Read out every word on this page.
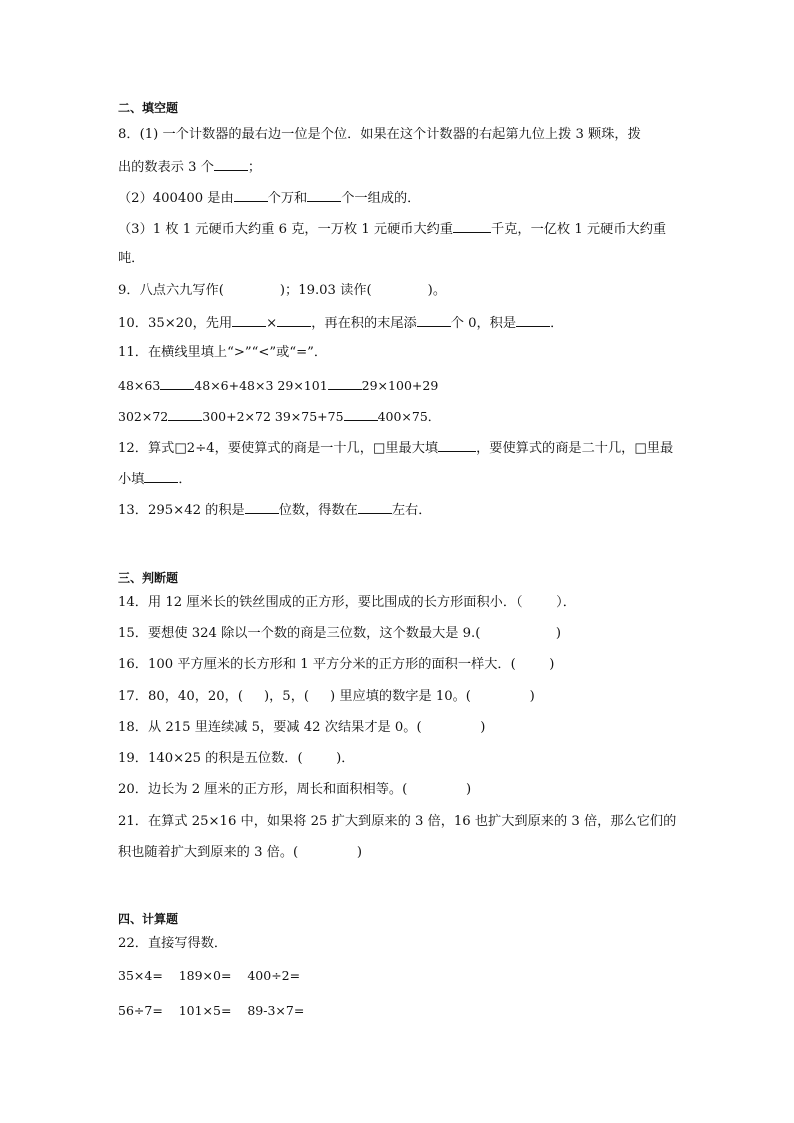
二、填空题
8．(1) 一个计数器的最右边一位是个位．如果在这个计数器的右起第九位上拨 3 颗珠，拨
出的数表示 3 个	；
（2）400400 是由	个万和	个一组成的．
（3）1 枚 1 元硬币大约重 6 克，一万枚 1 元硬币大约重	千克，一亿枚 1 元硬币大约重
吨．
9．八点六九写作(	)；19.03 读作(	)。
10．35×20，先用	×	，再在积的末尾添	个 0，积是	．
11．在横线里填上“>”“<”或“=”．
48×63	48×6+48×3 29×101	29×100+29
302×72	300+2×72 39×75+75	400×75．
12．算式□2÷4，要使算式的商是一十几，□里最大填	，要使算式的商是二十几，□里最
小填	．
13．295×42 的积是	位数，得数在	左右．
三、判断题
14．用 12 厘米长的铁丝围成的正方形，要比围成的长方形面积小．（        ）．
15．要想使 324 除以一个数的商是三位数，这个数最大是 9.(                  )
16．100 平方厘米的长方形和 1 平方分米的正方形的面积一样大．(        )
17．80，40，20，(     )，5，(     ) 里应填的数字是 10。(              )
18．从 215 里连续减 5，要减 42 次结果才是 0。(              )
19．140×25 的积是五位数．(        )．
20．边长为 2 厘米的正方形，周长和面积相等。(              )
21．在算式 25×16 中，如果将 25 扩大到原来的 3 倍，16 也扩大到原来的 3 倍，那么它们的
积也随着扩大到原来的 3 倍。(              )
四、计算题
22．直接写得数．
35×4=    189×0=    400÷2=
56÷7=    101×5=    89-3×7=
